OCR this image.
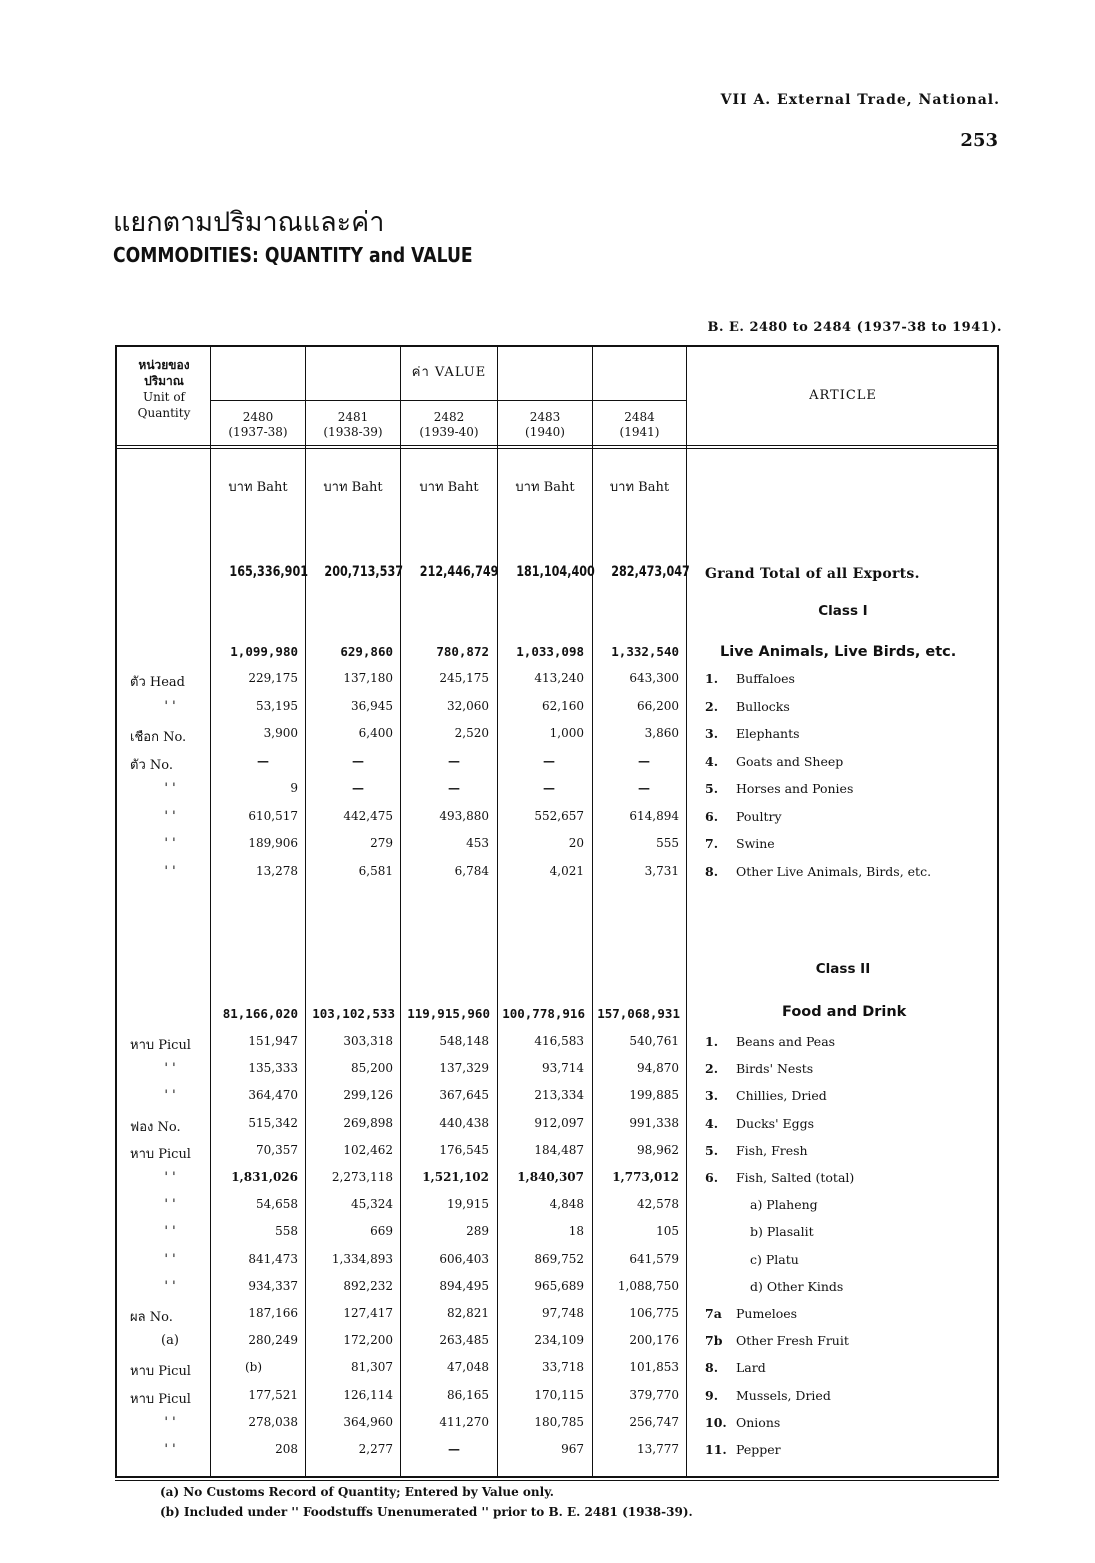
VII A. External Trade, National.
253
แยกตามปริมาณและค่า
COMMODITIES: QUANTITY and VALUE
B. E. 2480 to 2484 (1937-38 to 1941).
หน่วยของ
ปริมาณ
Unit of
Quantity
ค่า VALUE
ARTICLE
2480
(1937-38)
2481
(1938-39)
2482
(1939-40)
2483
(1940)
2484
(1941)
บาท Baht	บาท Baht	บาท Baht	บาท Baht	บาท Baht
165,336,901 200,713,537 212,446,749 181,104,400 282,473,047 Grand Total of all Exports.
Class I
1,099,980	629,860	780,872	1,033,098	1,332,540	Live Animals, Live Birds, etc.
ตัว Head	229,175	137,180	245,175	413,240	643,300 1. Buffaloes
' '	53,195	36,945	32,060	62,160	66,200 2. Bullocks
เชือก No.	3,900	6,400	2,520	1,000	3,860 3. Elephants
ตัว No.	—	—	—	—	—	4. Goats and Sheep
' '	9	—	—	—	—	5. Horses and Ponies
' '	610,517	442,475	493,880	552,657	614,894 6. Poultry
' '	189,906	279	453	20	555 7. Swine
' '	13,278	6,581	6,784	4,021	3,731 8. Other Live Animals, Birds, etc.
Class II
81,166,020	103,102,533 119,915,960 100,778,916 157,068,931	Food and Drink
หาบ Picul	151,947	303,318	548,148	416,583	540,761 1. Beans and Peas
' '	135,333	85,200	137,329	93,714	94,870 2. Birds' Nests
' '	364,470	299,126	367,645	213,334	199,885 3. Chillies, Dried
ฟอง No.	515,342	269,898	440,438	912,097	991,338 4. Ducks' Eggs
หาบ Picul	70,357	102,462	176,545	184,487	98,962 5. Fish, Fresh
' '	1,831,026	2,273,118	1,521,102	1,840,307	1,773,012 6. Fish, Salted (total)
' '	54,658	45,324	19,915	4,848	42,578	a) Plaheng
' '	558	669	289	18	105	b) Plasalit
' '	841,473	1,334,893	606,403	869,752	641,579	c) Platu
' '	934,337	892,232	894,495	965,689	1,088,750	d) Other Kinds
ผล No.	187,166	127,417	82,821	97,748	106,775 7a Pumeloes
(a)	280,249	172,200	263,485	234,109	200,176 7b Other Fresh Fruit
หาบ Picul	(b)	81,307	47,048	33,718	101,853 8. Lard
หาบ Picul	177,521	126,114	86,165	170,115	379,770 9. Mussels, Dried
' '	278,038	364,960	411,270	180,785	256,747 10. Onions
' '	208	2,277	—	967	13,777 11. Pepper
(a) No Customs Record of Quantity; Entered by Value only.
(b) Included under '' Foodstuffs Unenumerated '' prior to B. E. 2481 (1938-39).
